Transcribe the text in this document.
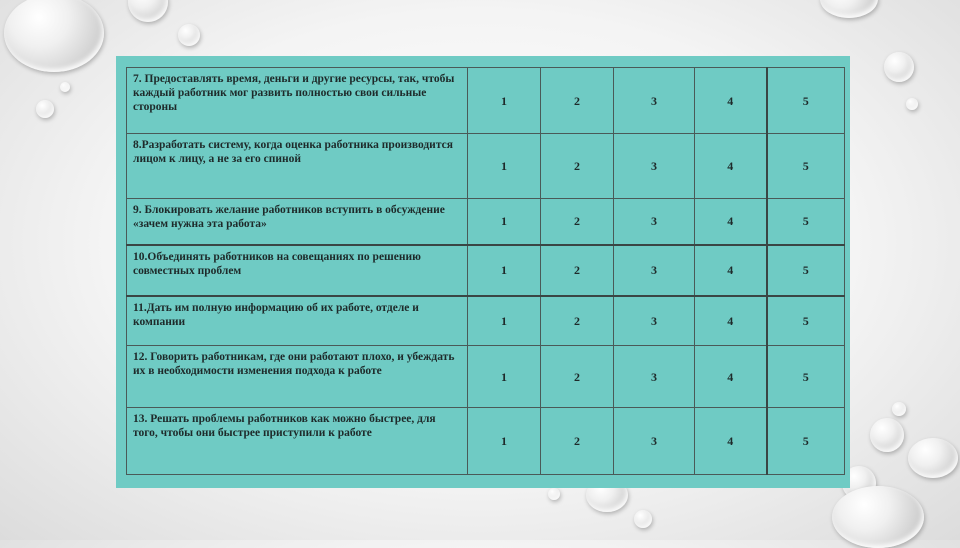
7. Предоставлять время, деньги и другие ресурсы, так, чтобы каждый работник мог развить полностью свои сильные стороны	1	2	3	4	5
8.Разработать систему, когда оценка работника производится лицом к лицу, а не за его спиной	1	2	3	4	5
9. Блокировать желание работников вступить в обсуждение «зачем нужна эта работа»	1	2	3	4	5
10.Объединять работников на совещаниях по решению совместных проблем	1	2	3	4	5
11.Дать им полную информацию об их работе, отделе и компании	1	2	3	4	5
12. Говорить работникам, где они работают плохо, и убеждать их в необходимости изменения подхода к работе	1	2	3	4	5
13. Решать проблемы работников как можно быстрее, для того, чтобы они быстрее приступили к работе	1	2	3	4	5
